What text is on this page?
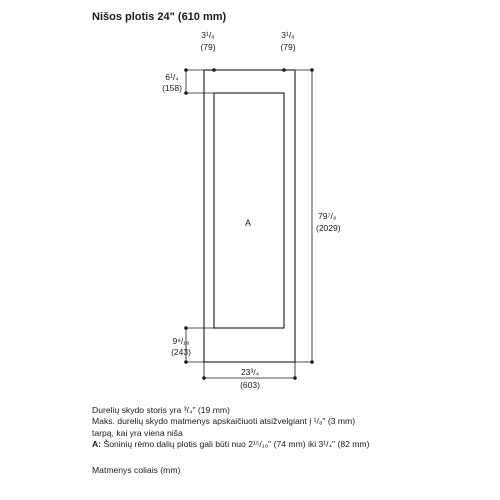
Nišos plotis 24" (610 mm)
A
3¹/₈
(79)
3¹/₈
(79)
6¹/₄
(158)
79⁷/₈
(2029)
9⁹/₁₆
(243)
23³/₄
(603)
Durelių skydo storis yra ³/₄" (19 mm)
Maks. durelių skydo matmenys apskaičiuoti atsižvelgiant į ¹/₈" (3 mm)
tarpą, kai yra viena niša
A: Šoninių rėmo dalių plotis gali būti nuo 2¹⁵/₁₆" (74 mm) iki 3¹/₄" (82 mm)
Matmenys coliais (mm)
